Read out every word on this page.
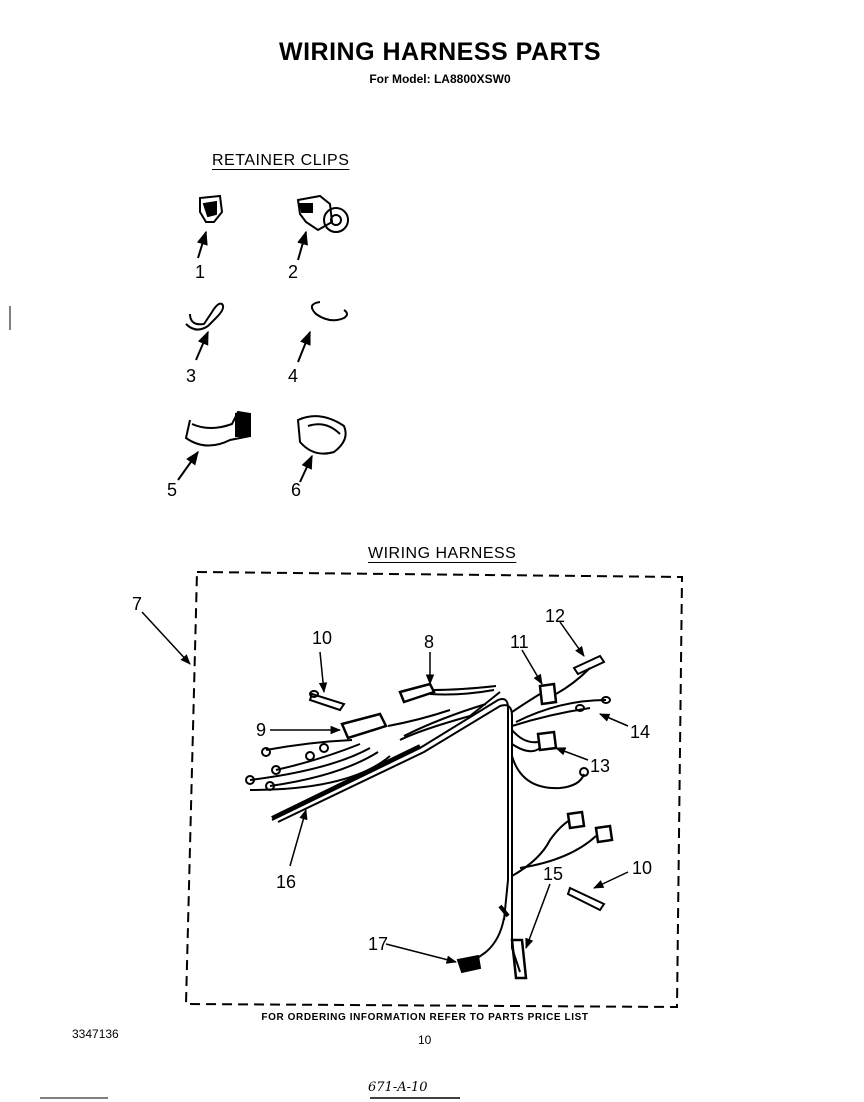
WIRING HARNESS PARTS
For Model: LA8800XSW0
RETAINER CLIPS
WIRING HARNESS
1	2
3	4
5	6
7
8
9
10
10
11
12
13
14
15
16
17
FOR ORDERING INFORMATION REFER TO PARTS PRICE LIST
3347136	10
671-A-10
